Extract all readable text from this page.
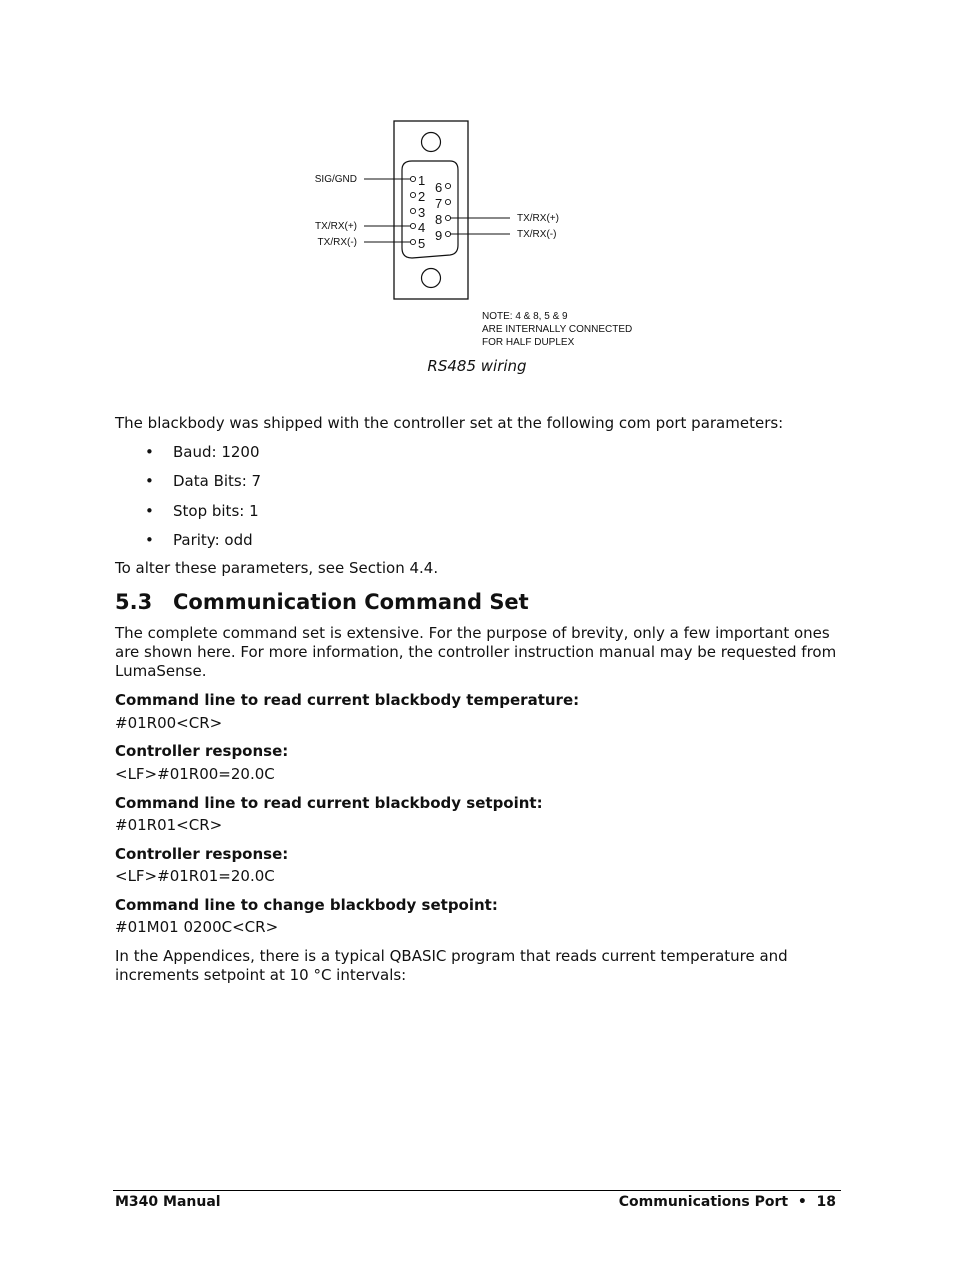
1
2
3
4
5
6
7
8
9
SIG/GND
TX/RX(+)
TX/RX(-)
TX/RX(+)
TX/RX(-)
NOTE: 4 & 8, 5 & 9
ARE INTERNALLY CONNECTED
FOR HALF DUPLEX
RS485 wiring
The blackbody was shipped with the controller set at the following com port parameters:
• Baud: 1200
• Data Bits: 7
• Stop bits: 1
• Parity: odd
To alter these parameters, see Section 4.4.
5.3 Communication Command Set
The complete command set is extensive. For the purpose of brevity, only a few important ones are shown here. For more information, the controller instruction manual may be requested from LumaSense.
Command line to read current blackbody temperature:
#01R00<CR>
Controller response:
<LF>#01R00=20.0C
Command line to read current blackbody setpoint:
#01R01<CR>
Controller response:
<LF>#01R01=20.0C
Command line to change blackbody setpoint:
#01M01 0200C<CR>
In the Appendices, there is a typical QBASIC program that reads current temperature and increments setpoint at 10 °C intervals:
M340 Manual	Communications Port  •  18
